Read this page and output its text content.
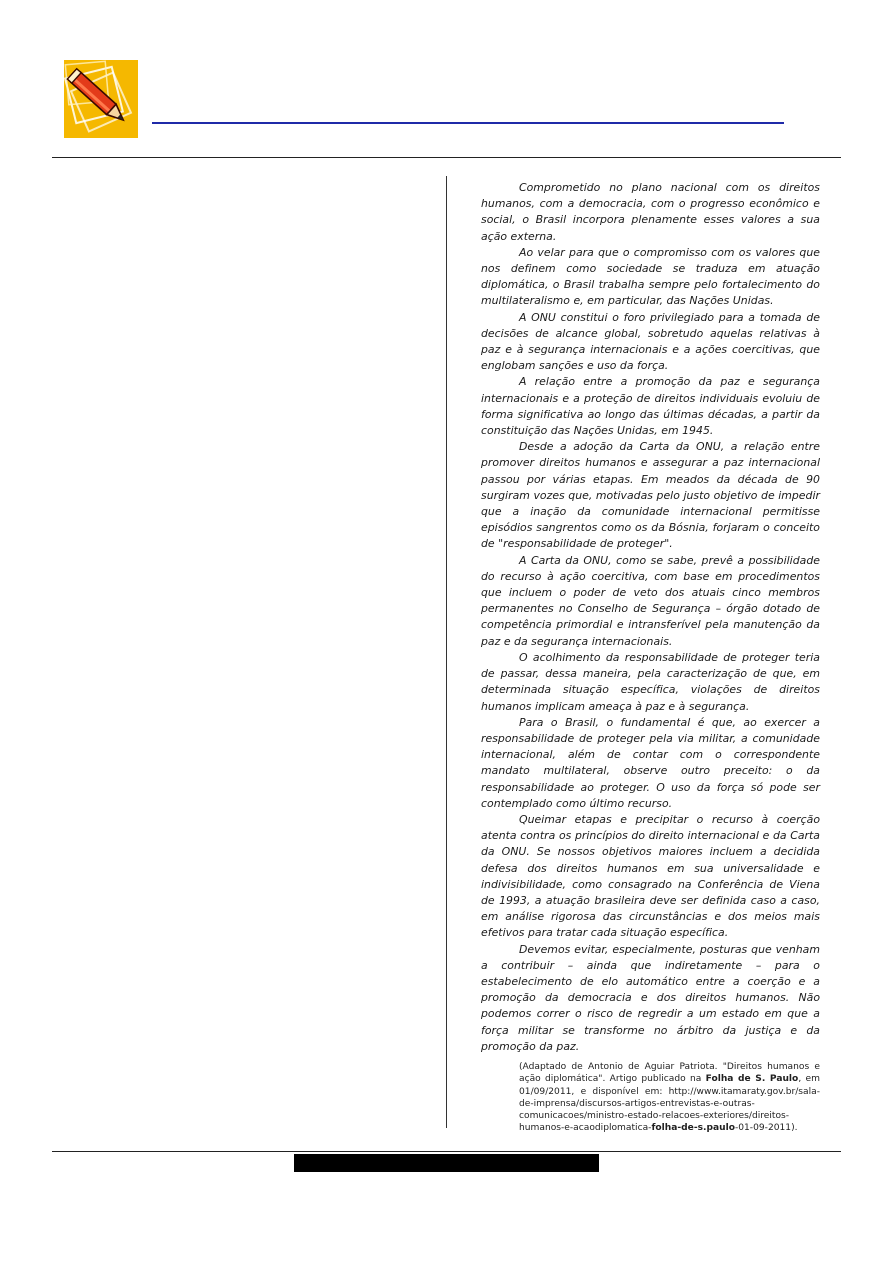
Comprometido no plano nacional com os direitos humanos, com a democracia, com o progresso econômico e social, o Brasil incorpora plenamente esses valores a sua ação externa.

Ao velar para que o compromisso com os valores que nos definem como sociedade se traduza em atuação diplomática, o Brasil trabalha sempre pelo fortalecimento do multilateralismo e, em particular, das Nações Unidas.

A ONU constitui o foro privilegiado para a tomada de decisões de alcance global, sobretudo aquelas relativas à paz e à segurança internacionais e a ações coercitivas, que englobam sanções e uso da força.

A relação entre a promoção da paz e segurança internacionais e a proteção de direitos individuais evoluiu de forma significativa ao longo das últimas décadas, a partir da constituição das Nações Unidas, em 1945.

Desde a adoção da Carta da ONU, a relação entre promover direitos humanos e assegurar a paz internacional passou por várias etapas. Em meados da década de 90 surgiram vozes que, motivadas pelo justo objetivo de impedir que a inação da comunidade internacional permitisse episódios sangrentos como os da Bósnia, forjaram o conceito de "responsabilidade de proteger".

A Carta da ONU, como se sabe, prevê a possibilidade do recurso à ação coercitiva, com base em procedimentos que incluem o poder de veto dos atuais cinco membros permanentes no Conselho de Segurança – órgão dotado de competência primordial e intransferível pela manutenção da paz e da segurança internacionais.

O acolhimento da responsabilidade de proteger teria de passar, dessa maneira, pela caracterização de que, em determinada situação específica, violações de direitos humanos implicam ameaça à paz e à segurança.

Para o Brasil, o fundamental é que, ao exercer a responsabilidade de proteger pela via militar, a comunidade internacional, além de contar com o correspondente mandato multilateral, observe outro preceito: o da responsabilidade ao proteger. O uso da força só pode ser contemplado como último recurso.

Queimar etapas e precipitar o recurso à coerção atenta contra os princípios do direito internacional e da Carta da ONU. Se nossos objetivos maiores incluem a decidida defesa dos direitos humanos em sua universalidade e indivisibilidade, como consagrado na Conferência de Viena de 1993, a atuação brasileira deve ser definida caso a caso, em análise rigorosa das circunstâncias e dos meios mais efetivos para tratar cada situação específica.

Devemos evitar, especialmente, posturas que venham a contribuir – ainda que indiretamente – para o estabelecimento de elo automático entre a coerção e a promoção da democracia e dos direitos humanos. Não podemos correr o risco de regredir a um estado em que a força militar se transforme no árbitro da justiça e da promoção da paz.

(Adaptado de Antonio de Aguiar Patriota. "Direitos humanos e ação diplomática". Artigo publicado na Folha de S. Paulo, em 01/09/2011, e disponível em: http://www.itamaraty.gov.br/sala-de-imprensa/discursos-artigos-entrevistas-e-outras-comunicacoes/ministro-estado-relacoes-exteriores/direitos-humanos-e-acaodiplomatica-folha-de-s.paulo-01-09-2011).
